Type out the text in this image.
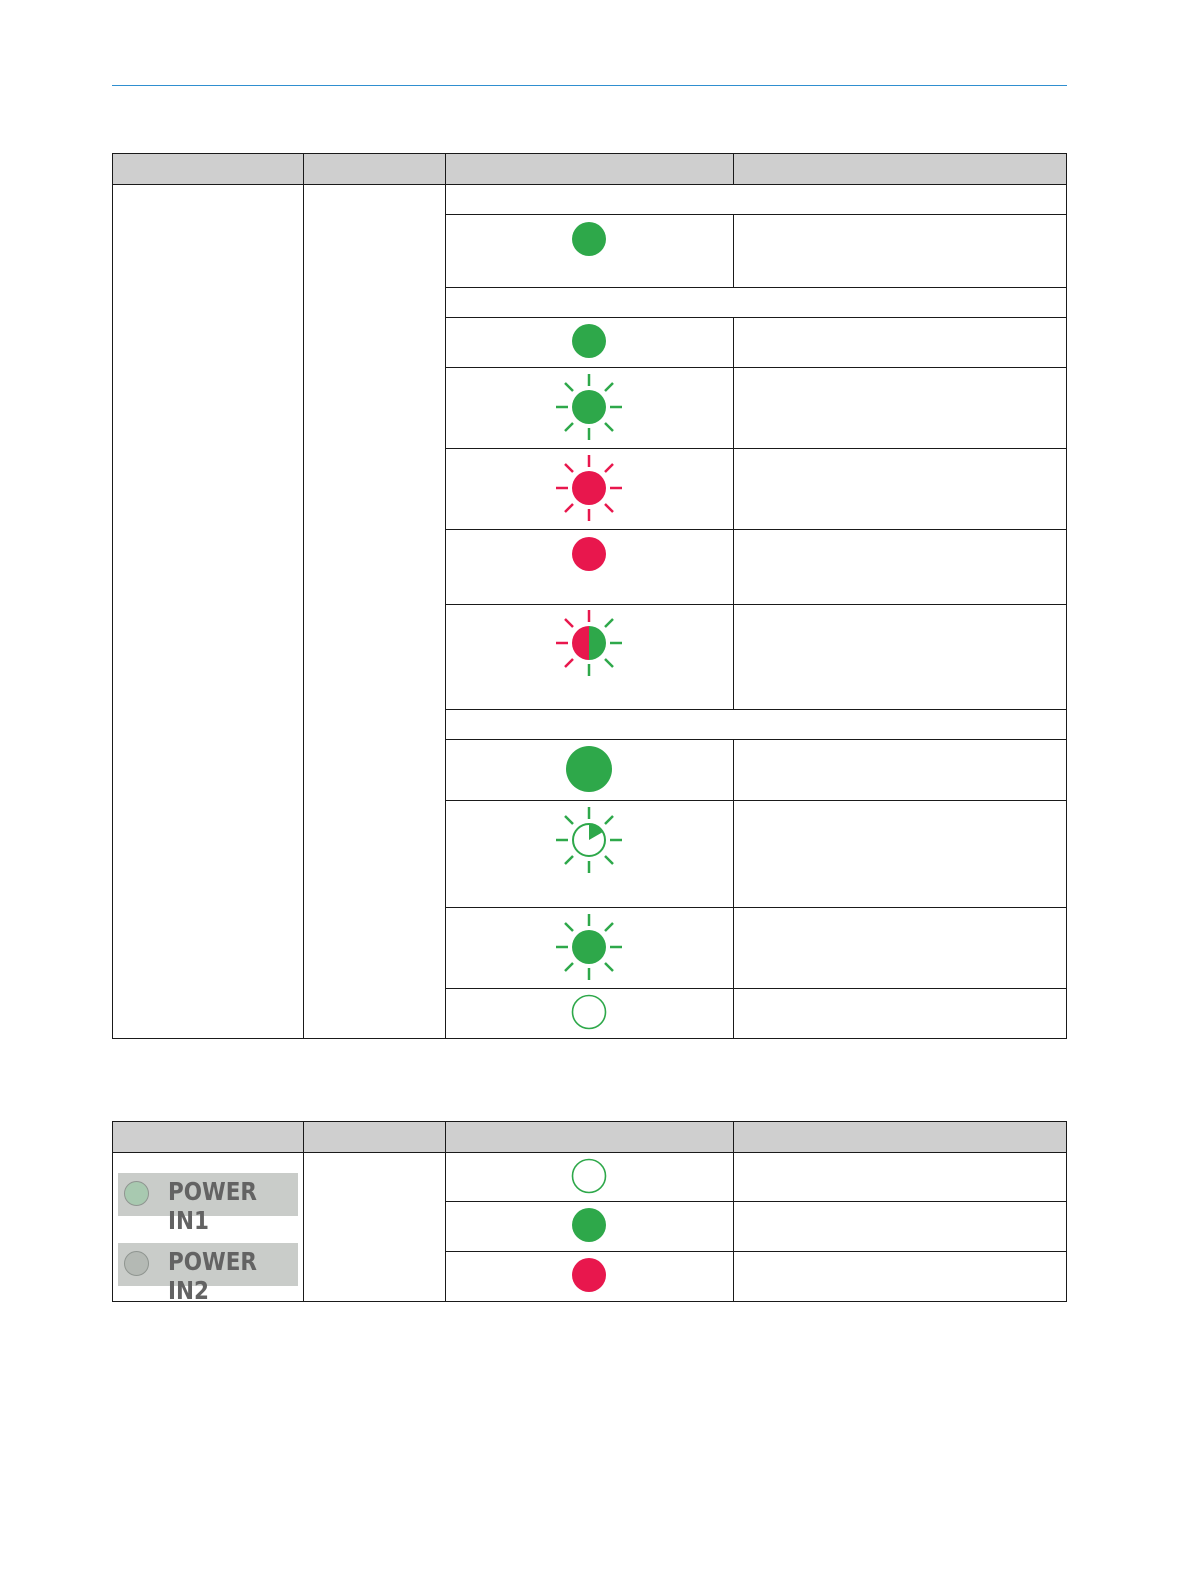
POWER IN1
POWER IN2
